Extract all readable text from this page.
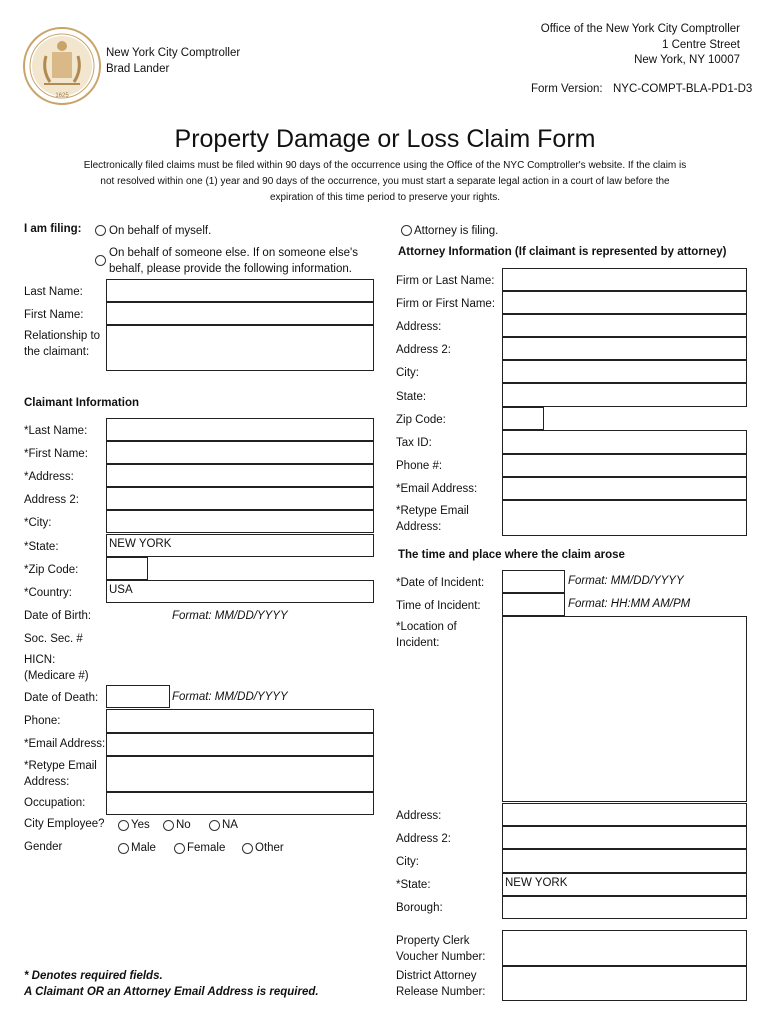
1625
New York City Comptroller
Brad Lander
Office of the New York City Comptroller
1 Centre Street
New York, NY 10007
Form Version: NYC-COMPT-BLA-PD1-D3
Property Damage or Loss Claim Form
Electronically filed claims must be filed within 90 days of the occurrence using the Office of the NYC Comptroller's website. If the claim is not resolved within one (1) year and 90 days of the occurrence, you must start a separate legal action in a court of law before the expiration of this time period to preserve your rights.
I am filing: On behalf of myself.
On behalf of someone else. If on someone else's
behalf, please provide the following information.
Attorney is filing.
Last Name:
First Name:
Relationship to
the claimant:
Claimant Information
*Last Name:
*First Name:
*Address:
Address 2:
*City:
*State:	NEW YORK
*Zip Code:
*Country:	USA
Date of Birth:	Format: MM/DD/YYYY
Soc. Sec. #
HICN:
(Medicare #)
Date of Death:	Format: MM/DD/YYYY
Phone:
*Email Address:
*Retype Email
Address:
Occupation:
City Employee? Yes No	NA
Gender	Male	Female	Other
Attorney Information (If claimant is represented by attorney)
Firm or Last Name:
Firm or First Name:
Address:
Address 2:
City:
State:
Zip Code:
Tax ID:
Phone #:
*Email Address:
*Retype Email
Address:
The time and place where the claim arose
*Date of Incident:	Format: MM/DD/YYYY
Time of Incident:	Format: HH:MM AM/PM
*Location of
Incident:
Address:
Address 2:
City:
*State:	NEW YORK
Borough:
Property Clerk
Voucher Number:
District Attorney
Release Number:
* Denotes required fields.
A Claimant OR an Attorney Email Address is required.
